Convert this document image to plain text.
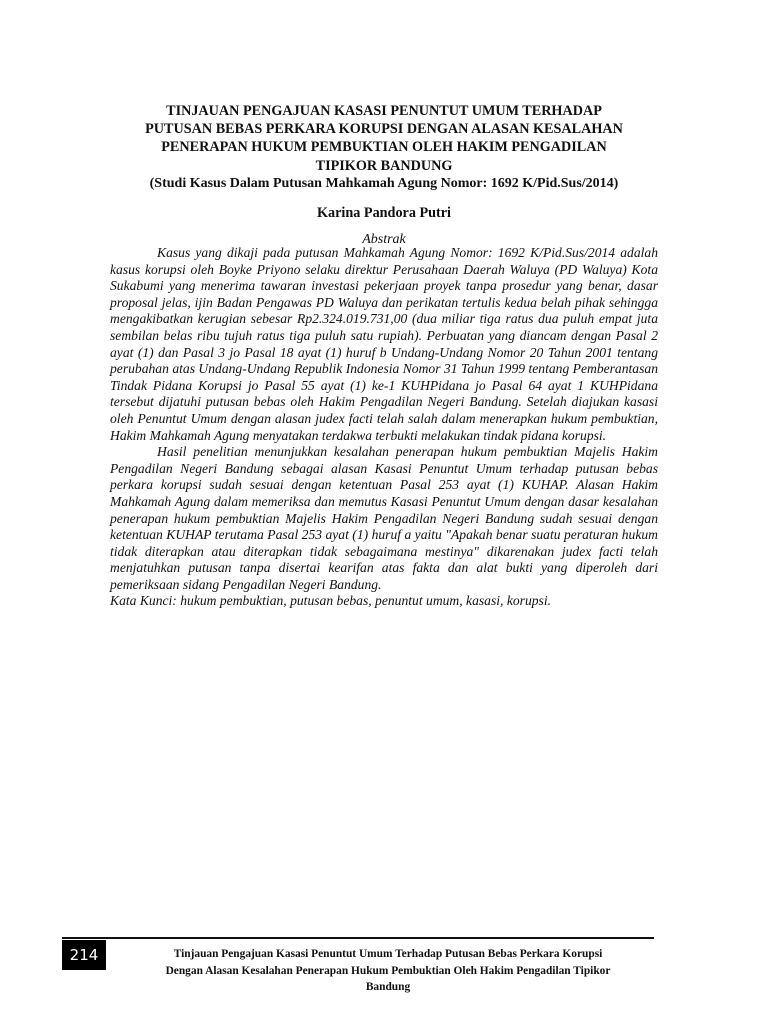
TINJAUAN PENGAJUAN KASASI PENUNTUT UMUM TERHADAP
PUTUSAN BEBAS PERKARA KORUPSI DENGAN ALASAN KESALAHAN
PENERAPAN HUKUM PEMBUKTIAN OLEH HAKIM PENGADILAN
TIPIKOR BANDUNG
(Studi Kasus Dalam Putusan Mahkamah Agung Nomor: 1692 K/Pid.Sus/2014)
Karina Pandora Putri
Abstrak

Kasus yang dikaji pada putusan Mahkamah Agung Nomor: 1692 K/Pid.Sus/2014 adalah kasus korupsi oleh Boyke Priyono selaku direktur Perusahaan Daerah Waluya (PD Waluya) Kota Sukabumi yang menerima tawaran investasi pekerjaan proyek tanpa prosedur yang benar, dasar proposal jelas, ijin Badan Pengawas PD Waluya dan perikatan tertulis kedua belah pihak sehingga mengakibatkan kerugian sebesar Rp2.324.019.731,00 (dua miliar tiga ratus dua puluh empat juta sembilan belas ribu tujuh ratus tiga puluh satu rupiah). Perbuatan yang diancam dengan Pasal 2 ayat (1) dan Pasal 3 jo Pasal 18 ayat (1) huruf b Undang-Undang Nomor 20 Tahun 2001 tentang perubahan atas Undang-Undang Republik Indonesia Nomor 31 Tahun 1999 tentang Pemberantasan Tindak Pidana Korupsi jo Pasal 55 ayat (1) ke-1 KUHPidana jo Pasal 64 ayat 1 KUHPidana tersebut dijatuhi putusan bebas oleh Hakim Pengadilan Negeri Bandung. Setelah diajukan kasasi oleh Penuntut Umum dengan alasan judex facti telah salah dalam menerapkan hukum pembuktian, Hakim Mahkamah Agung menyatakan terdakwa terbukti melakukan tindak pidana korupsi.

Hasil penelitian menunjukkan kesalahan penerapan hukum pembuktian Majelis Hakim Pengadilan Negeri Bandung sebagai alasan Kasasi Penuntut Umum terhadap putusan bebas perkara korupsi sudah sesuai dengan ketentuan Pasal 253 ayat (1) KUHAP. Alasan Hakim Mahkamah Agung dalam memeriksa dan memutus Kasasi Penuntut Umum dengan dasar kesalahan penerapan hukum pembuktian Majelis Hakim Pengadilan Negeri Bandung sudah sesuai dengan ketentuan KUHAP terutama Pasal 253 ayat (1) huruf a yaitu "Apakah benar suatu peraturan hukum tidak diterapkan atau diterapkan tidak sebagaimana mestinya" dikarenakan judex facti telah menjatuhkan putusan tanpa disertai kearifan atas fakta dan alat bukti yang diperoleh dari pemeriksaan sidang Pengadilan Negeri Bandung.

Kata Kunci: hukum pembuktian, putusan bebas, penuntut umum, kasasi, korupsi.

214	Tinjauan Pengajuan Kasasi Penuntut Umum Terhadap Putusan Bebas Perkara Korupsi
Dengan Alasan Kesalahan Penerapan Hukum Pembuktian Oleh Hakim Pengadilan Tipikor
Bandung
